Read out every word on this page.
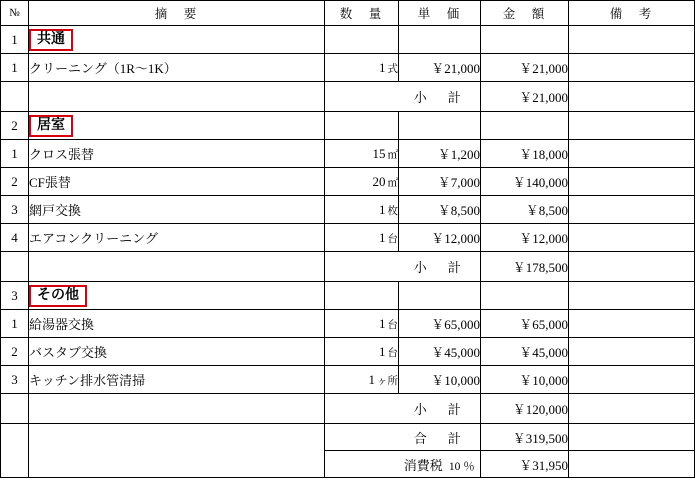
№	摘　要	数　量	単　価	金　額	備　考
1	共通				
1	クリーニング（1R～1K）	1 式	￥21,000	￥21,000	
			小　計	￥21,000	
2	居室				
1	クロス張替	15 ㎡	￥1,200	￥18,000	
2	CF張替	20 ㎡	￥7,000	￥140,000	
3	網戸交換	1 枚	￥8,500	￥8,500	
4	エアコンクリーニング	1 台	￥12,000	￥12,000	
			小　計	￥178,500	
3	その他				
1	給湯器交換	1 台	￥65,000	￥65,000	
2	バスタブ交換	1 台	￥45,000	￥45,000	
3	キッチン排水管清掃	1 ヶ所	￥10,000	￥10,000	
			小　計	￥120,000	
			合　計	￥319,500	
			消費税 10 ％	￥31,950	
